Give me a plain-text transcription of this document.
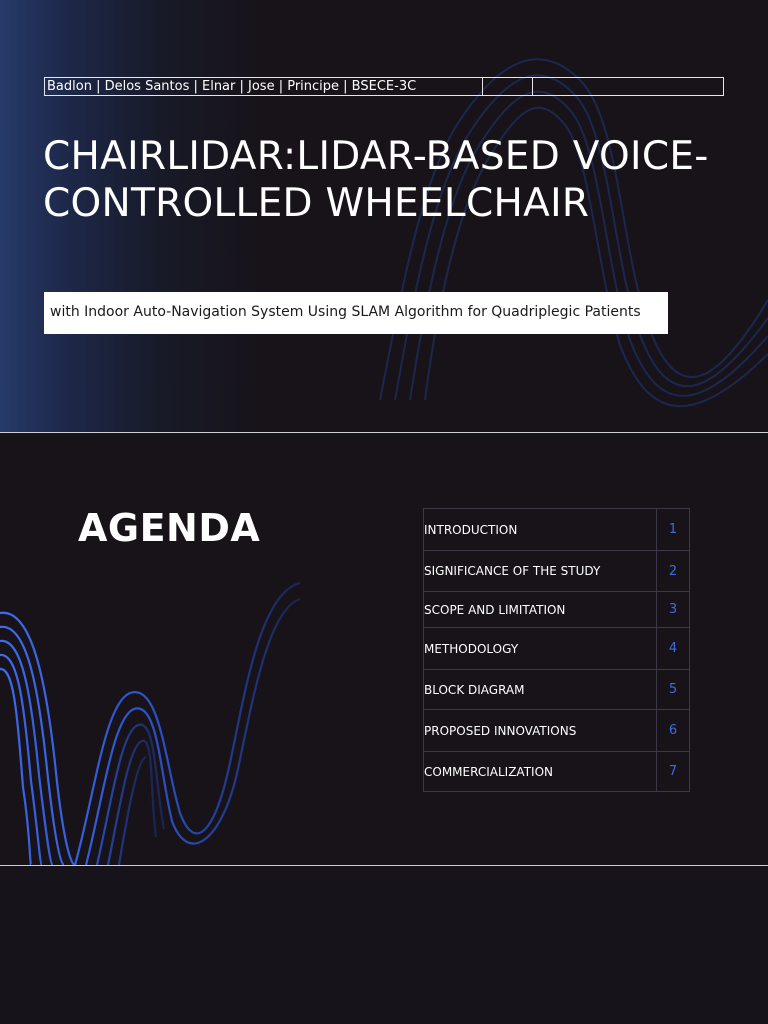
Badlon | Delos Santos | Elnar | Jose | Principe | BSECE-3C
CHAIRLIDAR:LIDAR-BASED VOICE-CONTROLLED WHEELCHAIR
with Indoor Auto-Navigation System Using SLAM Algorithm for Quadriplegic Patients
AGENDA	INTRODUCTION	1
SIGNIFICANCE OF THE STUDY	2
SCOPE AND LIMITATION	3
METHODOLOGY	4
BLOCK DIAGRAM	5
PROPOSED INNOVATIONS	6
COMMERCIALIZATION	7
